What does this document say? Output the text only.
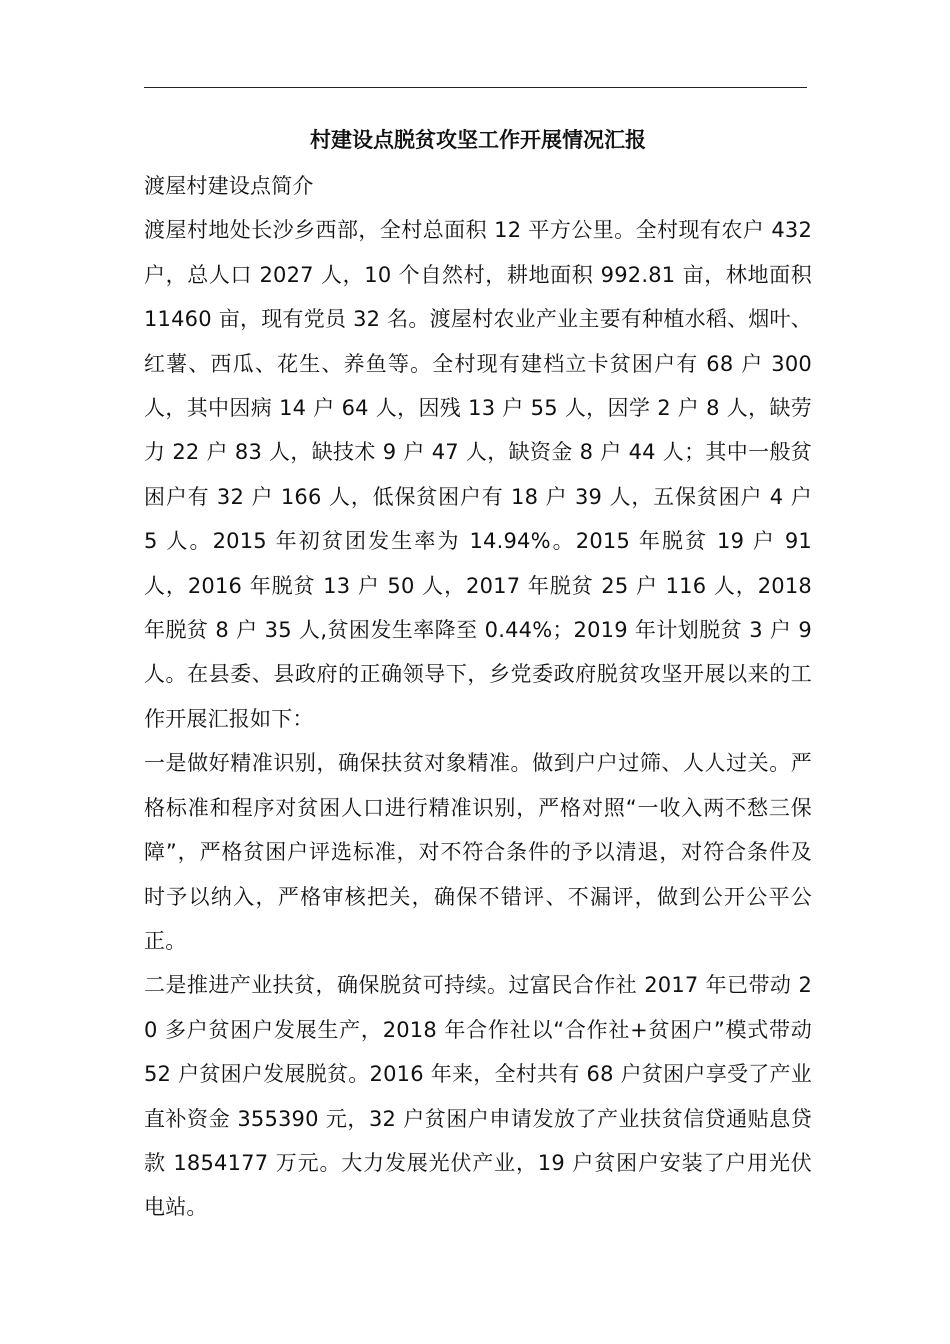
村建设点脱贫攻坚工作开展情况汇报

渡屋村建设点简介

渡屋村地处长沙乡西部，全村总面积 12 平方公里。全村现有农户 432 户，总人口 2027 人，10 个自然村，耕地面积 992.81 亩，林地面积 11460 亩，现有党员 32 名。渡屋村农业产业主要有种植水稻、烟叶、红薯、西瓜、花生、养鱼等。全村现有建档立卡贫困户有 68 户 300 人，其中因病 14 户 64 人，因残 13 户 55 人，因学 2 户 8 人，缺劳力 22 户 83 人，缺技术 9 户 47 人，缺资金 8 户 44 人；其中一般贫困户有 32 户 166 人，低保贫困户有 18 户 39 人，五保贫困户 4 户 5 人。2015 年初贫团发生率为 14.94%。2015 年脱贫 19 户 91 人，2016 年脱贫 13 户 50 人，2017 年脱贫 25 户 116 人，2018 年脱贫 8 户 35 人,贫困发生率降至 0.44%；2019 年计划脱贫 3 户 9 人。在县委、县政府的正确领导下，乡党委政府脱贫攻坚开展以来的工作开展汇报如下：

一是做好精准识别，确保扶贫对象精准。做到户户过筛、人人过关。严格标准和程序对贫困人口进行精准识别，严格对照“一收入两不愁三保障”，严格贫困户评选标准，对不符合条件的予以清退，对符合条件及时予以纳入，严格审核把关，确保不错评、不漏评，做到公开公平公正。

二是推进产业扶贫，确保脱贫可持续。过富民合作社 2017 年已带动 20 多户贫困户发展生产，2018 年合作社以“合作社+贫困户”模式带动 52 户贫困户发展脱贫。2016 年来，全村共有 68 户贫困户享受了产业直补资金 355390 元，32 户贫困户申请发放了产业扶贫信贷通贴息贷款 1854177 万元。大力发展光伏产业，19 户贫困户安装了户用光伏电站。
